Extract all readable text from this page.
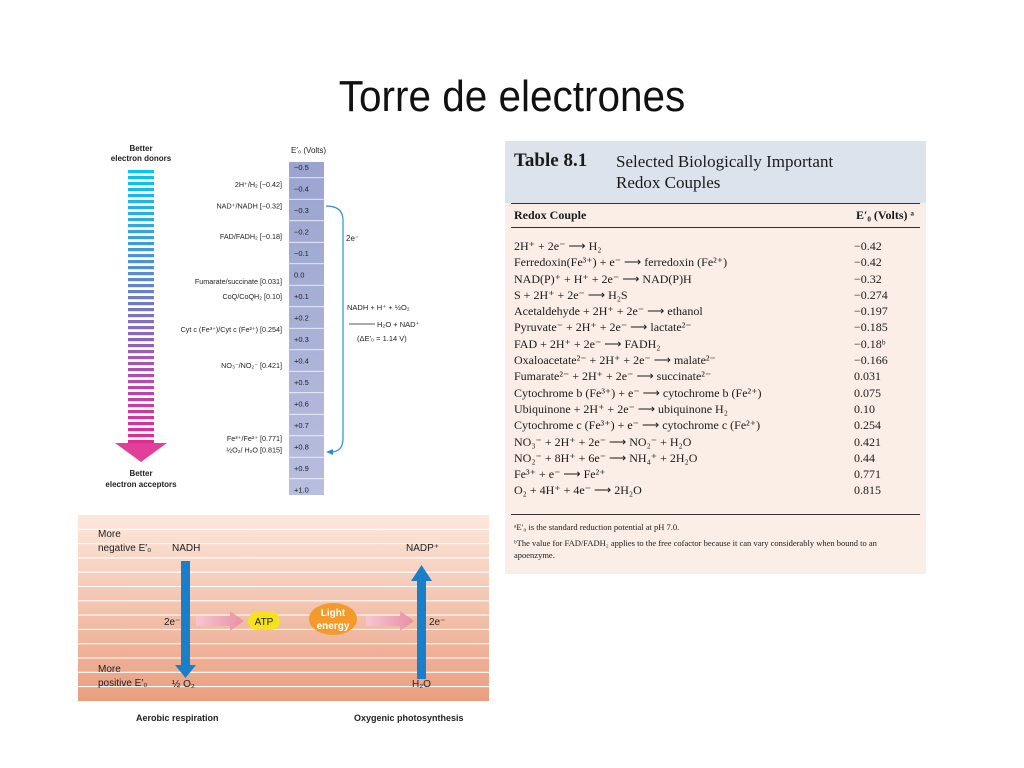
Torre de electrones
Better
electron donors
Better
electron acceptors
E′₀ (Volts)
−0.5
−0.4
−0.3
−0.2
−0.1
0.0
+0.1
+0.2
+0.3
+0.4
+0.5
+0.6
+0.7
+0.8
+0.9
+1.0
2H⁺/H₂ [−0.42]
NAD⁺/NADH [−0.32]
FAD/FADH₂ [−0.18]
Fumarate/succinate [0.031]
CoQ/CoQH₂ [0.10]
Cyt c (Fe³⁺)/Cyt c (Fe²⁺) [0.254]
NO₃⁻/NO₂⁻ [0.421]
Fe³⁺/Fe²⁺ [0.771]
½O₂/ H₂O [0.815]
2e⁻
NADH + H⁺ + ½O₂
H₂O + NAD⁺
(ΔE′₀ = 1.14 V)
Table 8.1 Selected Biologically Important
Redox Couples
Redox Couple	E′₀ (Volts) ᵃ
2H⁺ + 2e⁻ ⟶ H₂	−0.42
Ferredoxin(Fe³⁺) + e⁻ ⟶ ferredoxin (Fe²⁺)	−0.42
NAD(P)⁺ + H⁺ + 2e⁻ ⟶ NAD(P)H	−0.32
S + 2H⁺ + 2e⁻ ⟶ H₂S	−0.274
Acetaldehyde + 2H⁺ + 2e⁻ ⟶ ethanol	−0.197
Pyruvate⁻ + 2H⁺ + 2e⁻ ⟶ lactate²⁻	−0.185
FAD + 2H⁺ + 2e⁻ ⟶ FADH₂	−0.18ᵇ
Oxaloacetate²⁻ + 2H⁺ + 2e⁻ ⟶ malate²⁻	−0.166
Fumarate²⁻ + 2H⁺ + 2e⁻ ⟶ succinate²⁻	0.031
Cytochrome b (Fe³⁺) + e⁻ ⟶ cytochrome b (Fe²⁺)	0.075
Ubiquinone + 2H⁺ + 2e⁻ ⟶ ubiquinone H₂	0.10
Cytochrome c (Fe³⁺) + e⁻ ⟶ cytochrome c (Fe²⁺)	0.254
NO₃⁻ + 2H⁺ + 2e⁻ ⟶ NO₂⁻ + H₂O	0.421
NO₂⁻ + 8H⁺ + 6e⁻ ⟶ NH₄⁺ + 2H₂O	0.44
Fe³⁺ + e⁻ ⟶ Fe²⁺	0.771
O₂ + 4H⁺ + 4e⁻ ⟶ 2H₂O	0.815
ᵃE′₀ is the standard reduction potential at pH 7.0.
ᵇThe value for FAD/FADH₂ applies to the free cofactor because it can vary considerably when bound to an apoenzyme.
More
negative E′₀ NADH	NADP⁺
2e⁻	2e⁻
ATP
Light
energy
More
positive E′₀ ½ O₂	H₂O
Aerobic respiration	Oxygenic photosynthesis
